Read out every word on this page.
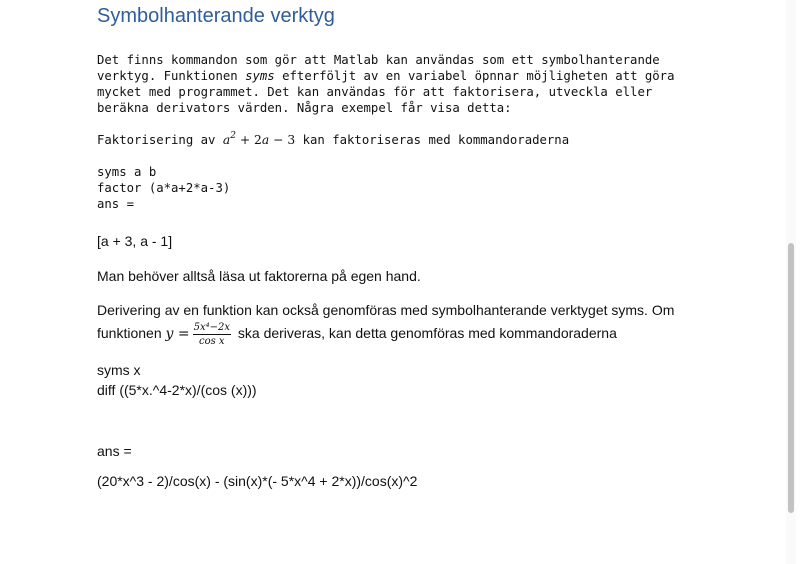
Symbolhanterande verktyg
Det finns kommandon som gör att Matlab kan användas som ett symbolhanterande
verktyg. Funktionen syms efterföljt av en variabel öpnnar möjligheten att göra
mycket med programmet. Det kan användas för att faktorisera, utveckla eller
beräkna derivators värden. Några exempel får visa detta:
Faktorisering av $a^2 + 2a - 3$ kan faktoriseras med kommandoraderna
syms a b
factor (a*a+2*a-3)
ans =
[a + 3, a - 1]
Man behöver alltså läsa ut faktorerna på egen hand.
Derivering av en funktion kan också genomföras med symbolhanterande verktyget syms. Om
funktionen $y = \frac{\text{5x⁴−2x}}{\text{cos x}}$ ska deriveras, kan detta genomföras med kommandoraderna
syms x
diff ((5*x.^4-2*x)/(cos (x)))
ans =
(20*x^3 - 2)/cos(x) - (sin(x)*(- 5*x^4 + 2*x))/cos(x)^2
